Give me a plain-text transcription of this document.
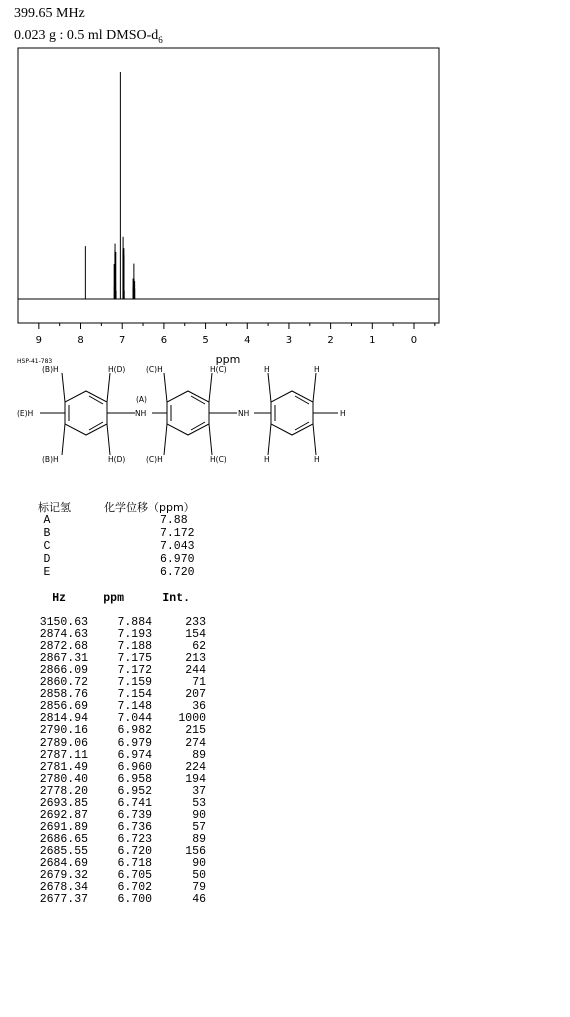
399.65 MHz
0.023 g : 0.5 ml DMSO-$d_6$
9	8	7	6	5	4	3	2	1	0
ppm
HSP-41-783
(B)H	H(D)	(C)H	H(C)	H	H
(E)H
(A)
NH	NH	H
(B)H	H(D)	(C)H	H(C)	H	H
标记氢	化学位移（ppm）
A	7.88
B	7.172
C	7.043
D	6.970
E	6.720
Hz	ppm	Int.
3150.63	7.884	233
2874.63	7.193	154
2872.68	7.188	62
2867.31	7.175	213
2866.09	7.172	244
2860.72	7.159	71
2858.76	7.154	207
2856.69	7.148	36
2814.94	7.044	1000
2790.16	6.982	215
2789.06	6.979	274
2787.11	6.974	89
2781.49	6.960	224
2780.40	6.958	194
2778.20	6.952	37
2693.85	6.741	53
2692.87	6.739	90
2691.89	6.736	57
2686.65	6.723	89
2685.55	6.720	156
2684.69	6.718	90
2679.32	6.705	50
2678.34	6.702	79
2677.37	6.700	46
